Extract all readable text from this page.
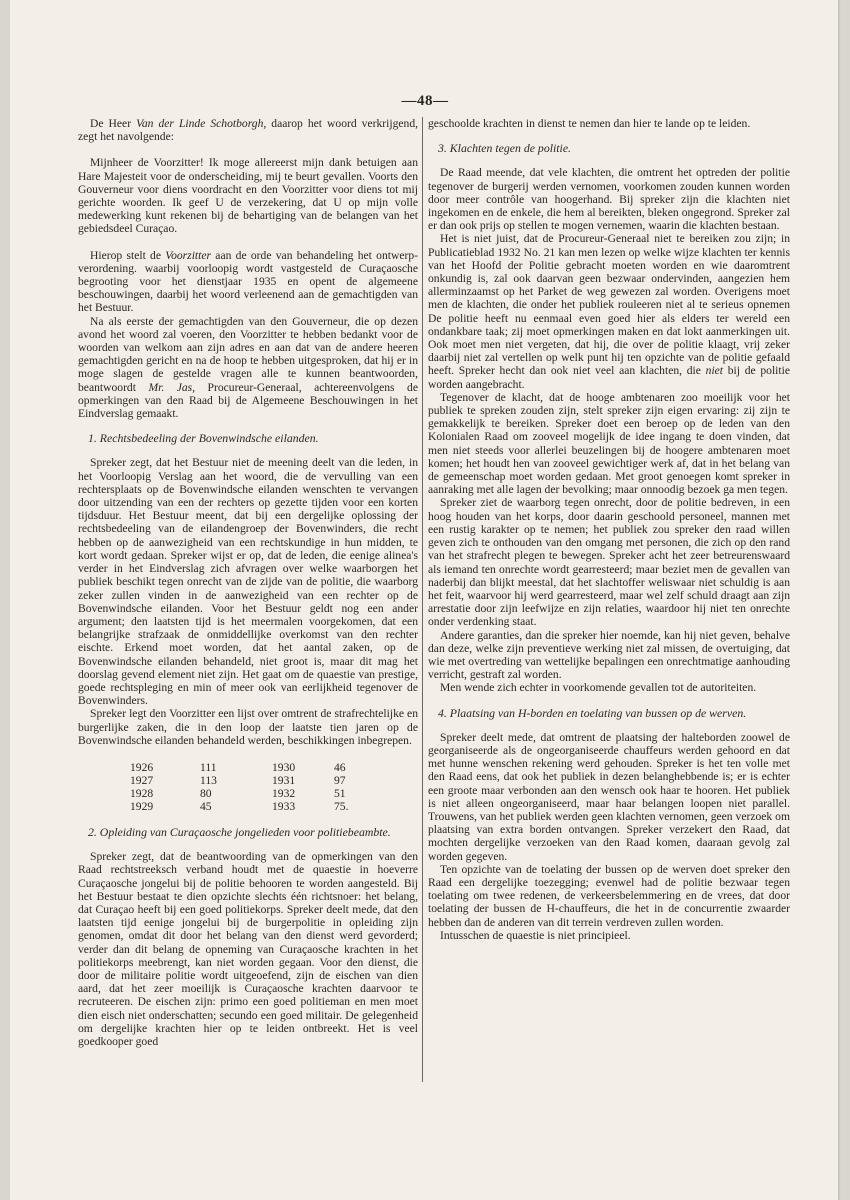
—48—

De Heer Van der Linde Schotborgh, daarop het woord verkrijgend, zegt het navolgende:

Mijnheer de Voorzitter! Ik moge allereerst mijn dank betuigen aan Hare Majesteit voor de onderscheiding, mij te beurt gevallen. Voorts den Gouverneur voor diens voordracht en den Voorzitter voor diens tot mij gerichte woorden. Ik geef U de verzekering, dat U op mijn volle medewerking kunt rekenen bij de behartiging van de belangen van het gebiedsdeel Curaçao.

Hierop stelt de Voorzitter aan de orde van behandeling het ontwerp-verordening. waarbij voorloopig wordt vastgesteld de Curaçaosche begrooting voor het dienstjaar 1935 en opent de algemeene beschouwingen, daarbij het woord verleenend aan de gemachtigden van het Bestuur.

Na als eerste der gemachtigden van den Gouverneur, die op dezen avond het woord zal voeren, den Voorzitter te hebben bedankt voor de woorden van welkom aan zijn adres en aan dat van de andere heeren gemachtigden gericht en na de hoop te hebben uitgesproken, dat hij er in moge slagen de gestelde vragen alle te kunnen beantwoorden, beantwoordt Mr. Jas, Procureur-Generaal, achtereenvolgens de opmerkingen van den Raad bij de Algemeene Beschouwingen in het Eindverslag gemaakt.

1. Rechtsbedeeling der Bovenwindsche eilanden.

Spreker zegt, dat het Bestuur niet de meening deelt van die leden, in het Voorloopig Verslag aan het woord, die de vervulling van een rechtersplaats op de Bovenwindsche eilanden wenschten te vervangen door uitzending van een der rechters op gezette tijden voor een korten tijdsduur. Het Bestuur meent, dat bij een dergelijke oplossing der rechtsbedeeling van de eilandengroep der Bovenwinders, die recht hebben op de aanwezigheid van een rechtskundige in hun midden, te kort wordt gedaan. Spreker wijst er op, dat de leden, die eenige alinea's verder in het Eindverslag zich afvragen over welke waarborgen het publiek beschikt tegen onrecht van de zijde van de politie, die waarborg zeker zullen vinden in de aanwezigheid van een rechter op de Bovenwindsche eilanden. Voor het Bestuur geldt nog een ander argument; den laatsten tijd is het meermalen voorgekomen, dat een belangrijke strafzaak de onmiddellijke overkomst van den rechter eischte. Erkend moet worden, dat het aantal zaken, op de Bovenwindsche eilanden behandeld, niet groot is, maar dit mag het doorslag gevend element niet zijn. Het gaat om de quaestie van prestige, goede rechtspleging en min of meer ook van eerlijkheid tegenover de Bovenwinders.

Spreker legt den Voorzitter een lijst over omtrent de strafrechtelijke en burgerlijke zaken, die in den loop der laatste tien jaren op de Bovenwindsche eilanden behandeld werden, beschikkingen inbegrepen.

1926	111	1930	46
1927	113	1931	97
1928	80	1932	51
1929	45	1933	75.
2. Opleiding van Curaçaosche jongelieden voor politiebeambte.

Spreker zegt, dat de beantwoording van de opmerkingen van den Raad rechtstreeksch verband houdt met de quaestie in hoeverre Curaçaosche jongelui bij de politie behooren te worden aangesteld. Bij het Bestuur bestaat te dien opzichte slechts één richtsnoer: het belang, dat Curaçao heeft bij een goed politiekorps. Spreker deelt mede, dat den laatsten tijd eenige jongelui bij de burgerpolitie in opleiding zijn genomen, omdat dit door het belang van den dienst werd gevorderd; verder dan dit belang de opneming van Curaçaosche krachten in het politiekorps meebrengt, kan niet worden gegaan. Voor den dienst, die door de militaire politie wordt uitgeoefend, zijn de eischen van dien aard, dat het zeer moeilijk is Curaçaosche krachten daarvoor te recruteeren. De eischen zijn: primo een goed politieman en men moet dien eisch niet onderschatten; secundo een goed militair. De gelegenheid om dergelijke krachten hier op te leiden ontbreekt. Het is veel goedkooper goed

geschoolde krachten in dienst te nemen dan hier te lande op te leiden.

3. Klachten tegen de politie.

De Raad meende, dat vele klachten, die omtrent het optreden der politie tegenover de burgerij werden vernomen, voorkomen zouden kunnen worden door meer contrôle van hoogerhand. Bij spreker zijn die klachten niet ingekomen en de enkele, die hem al bereikten, bleken ongegrond. Spreker zal er dan ook prijs op stellen te mogen vernemen, waarin die klachten bestaan.

Het is niet juist, dat de Procureur-Generaal niet te bereiken zou zijn; in Publicatieblad 1932 No. 21 kan men lezen op welke wijze klachten ter kennis van het Hoofd der Politie gebracht moeten worden en wie daaromtrent onkundig is, zal ook daarvan geen bezwaar ondervinden, aangezien hem allerminzaamst op het Parket de weg gewezen zal worden. Overigens moet men de klachten, die onder het publiek rouleeren niet al te serieus opnemen De politie heeft nu eenmaal even goed hier als elders ter wereld een ondankbare taak; zij moet opmerkingen maken en dat lokt aanmerkingen uit. Ook moet men niet vergeten, dat hij, die over de politie klaagt, vrij zeker daarbij niet zal vertellen op welk punt hij ten opzichte van de politie gefaald heeft. Spreker hecht dan ook niet veel aan klachten, die niet bij de politie worden aangebracht.

Tegenover de klacht, dat de hooge ambtenaren zoo moeilijk voor het publiek te spreken zouden zijn, stelt spreker zijn eigen ervaring: zij zijn te gemakkelijk te bereiken. Spreker doet een beroep op de leden van den Kolonialen Raad om zooveel mogelijk de idee ingang te doen vinden, dat men niet steeds voor allerlei beuzelingen bij de hoogere ambtenaren moet komen; het houdt hen van zooveel gewichtiger werk af, dat in het belang van de gemeenschap moet worden gedaan. Met groot genoegen komt spreker in aanraking met alle lagen der bevolking; maar onnoodig bezoek ga men tegen.

Spreker ziet de waarborg tegen onrecht, door de politie bedreven, in een hoog houden van het korps, door daarin geschoold personeel, mannen met een rustig karakter op te nemen; het publiek zou spreker den raad willen geven zich te onthouden van den omgang met personen, die zich op den rand van het strafrecht plegen te bewegen. Spreker acht het zeer betreurenswaard als iemand ten onrechte wordt gearresteerd; maar beziet men de gevallen van naderbij dan blijkt meestal, dat het slachtoffer weliswaar niet schuldig is aan het feit, waarvoor hij werd gearresteerd, maar wel zelf schuld draagt aan zijn arrestatie door zijn leefwijze en zijn relaties, waardoor hij niet ten onrechte onder verdenking staat.

Andere garanties, dan die spreker hier noemde, kan hij niet geven, behalve dan deze, welke zijn preventieve werking niet zal missen, de overtuiging, dat wie met overtreding van wettelijke bepalingen een onrechtmatige aanhouding verricht, gestraft zal worden.

Men wende zich echter in voorkomende gevallen tot de autoriteiten.

4. Plaatsing van H-borden en toelating van bussen op de werven.

Spreker deelt mede, dat omtrent de plaatsing der halteborden zoowel de georganiseerde als de ongeorganiseerde chauffeurs werden gehoord en dat met hunne wenschen rekening werd gehouden. Spreker is het ten volle met den Raad eens, dat ook het publiek in dezen belanghebbende is; er is echter een groote maar verbonden aan den wensch ook haar te hooren. Het publiek is niet alleen ongeorganiseerd, maar haar belangen loopen niet parallel. Trouwens, van het publiek werden geen klachten vernomen, geen verzoek om plaatsing van extra borden ontvangen. Spreker verzekert den Raad, dat mochten dergelijke verzoeken van den Raad komen, daaraan gevolg zal worden gegeven.

Ten opzichte van de toelating der bussen op de werven doet spreker den Raad een dergelijke toezegging; evenwel had de politie bezwaar tegen toelating om twee redenen, de verkeersbelemmering en de vrees, dat door toelating der bussen de H-chauffeurs, die het in de concurrentie zwaarder hebben dan de anderen van dit terrein verdreven zullen worden.

Intusschen de quaestie is niet principieel.
